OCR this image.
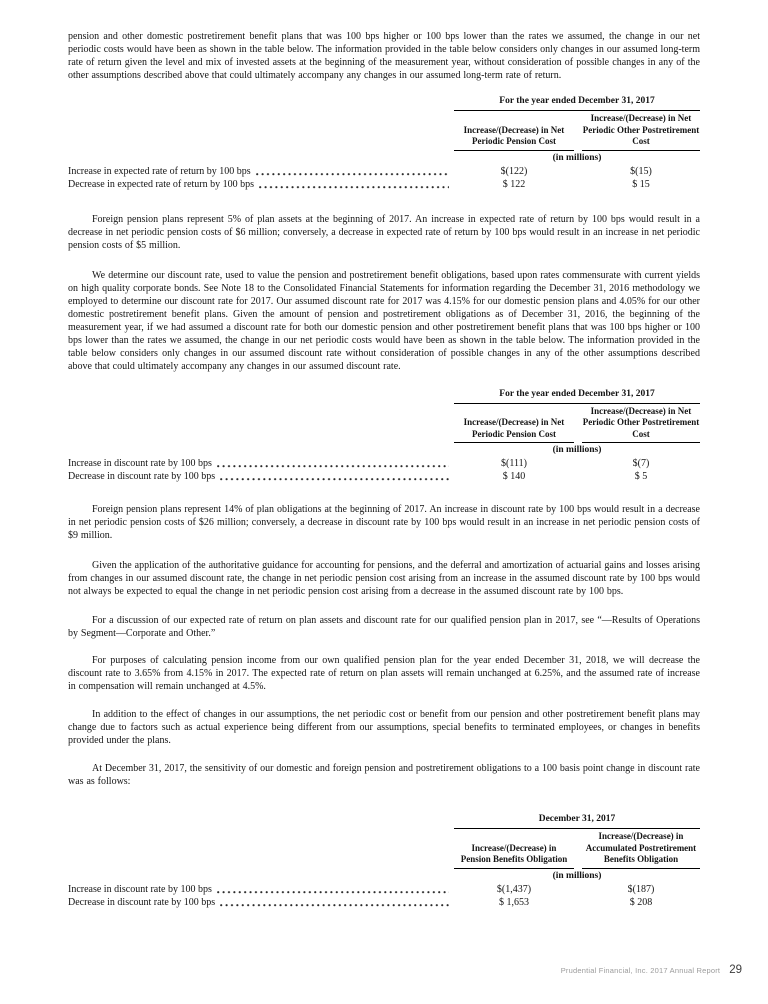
pension and other domestic postretirement benefit plans that was 100 bps higher or 100 bps lower than the rates we assumed, the change in our net periodic costs would have been as shown in the table below. The information provided in the table below considers only changes in our assumed long-term rate of return given the level and mix of invested assets at the beginning of the measurement year, without consideration of possible changes in any of the other assumptions described above that could ultimately accompany any changes in our assumed long-term rate of return.

For the year ended December 31, 2017
Increase/(Decrease) in Net
Periodic Pension Cost
Increase/(Decrease) in Net
Periodic Other Postretirement
Cost
(in millions)
Increase in expected rate of return by 100 bps	$(122)	$(15)
Decrease in expected rate of return by 100 bps	$ 122	$ 15

Foreign pension plans represent 5% of plan assets at the beginning of 2017. An increase in expected rate of return by 100 bps would result in a decrease in net periodic pension costs of $6 million; conversely, a decrease in expected rate of return by 100 bps would result in an increase in net periodic pension costs of $5 million.

We determine our discount rate, used to value the pension and postretirement benefit obligations, based upon rates commensurate with current yields on high quality corporate bonds. See Note 18 to the Consolidated Financial Statements for information regarding the December 31, 2016 methodology we employed to determine our discount rate for 2017. Our assumed discount rate for 2017 was 4.15% for our domestic pension plans and 4.05% for our other domestic postretirement benefit plans. Given the amount of pension and postretirement obligations as of December 31, 2016, the beginning of the measurement year, if we had assumed a discount rate for both our domestic pension and other postretirement benefit plans that was 100 bps higher or 100 bps lower than the rates we assumed, the change in our net periodic costs would have been as shown in the table below. The information provided in the table below considers only changes in our assumed discount rate without consideration of possible changes in any of the other assumptions described above that could ultimately accompany any changes in our assumed discount rate.

For the year ended December 31, 2017
Increase/(Decrease) in Net
Periodic Pension Cost
Increase/(Decrease) in Net
Periodic Other Postretirement
Cost
(in millions)
Increase in discount rate by 100 bps	$(111)	$(7)
Decrease in discount rate by 100 bps	$ 140	$ 5

Foreign pension plans represent 14% of plan obligations at the beginning of 2017. An increase in discount rate by 100 bps would result in a decrease in net periodic pension costs of $26 million; conversely, a decrease in discount rate by 100 bps would result in an increase in net periodic pension costs of $9 million.

Given the application of the authoritative guidance for accounting for pensions, and the deferral and amortization of actuarial gains and losses arising from changes in our assumed discount rate, the change in net periodic pension cost arising from an increase in the assumed discount rate by 100 bps would not always be expected to equal the change in net periodic pension cost arising from a decrease in the assumed discount rate by 100 bps.

For a discussion of our expected rate of return on plan assets and discount rate for our qualified pension plan in 2017, see “—Results of Operations by Segment—Corporate and Other.”

For purposes of calculating pension income from our own qualified pension plan for the year ended December 31, 2018, we will decrease the discount rate to 3.65% from 4.15% in 2017. The expected rate of return on plan assets will remain unchanged at 6.25%, and the assumed rate of increase in compensation will remain unchanged at 4.5%.

In addition to the effect of changes in our assumptions, the net periodic cost or benefit from our pension and other postretirement benefit plans may change due to factors such as actual experience being different from our assumptions, special benefits to terminated employees, or changes in benefits provided under the plans.

At December 31, 2017, the sensitivity of our domestic and foreign pension and postretirement obligations to a 100 basis point change in discount rate was as follows:

December 31, 2017
Increase/(Decrease) in
Pension Benefits Obligation
Increase/(Decrease) in
Accumulated Postretirement
Benefits Obligation
(in millions)
Increase in discount rate by 100 bps	$(1,437)	$(187)
Decrease in discount rate by 100 bps	$ 1,653	$ 208
Prudential Financial, Inc. 2017 Annual Report 29
